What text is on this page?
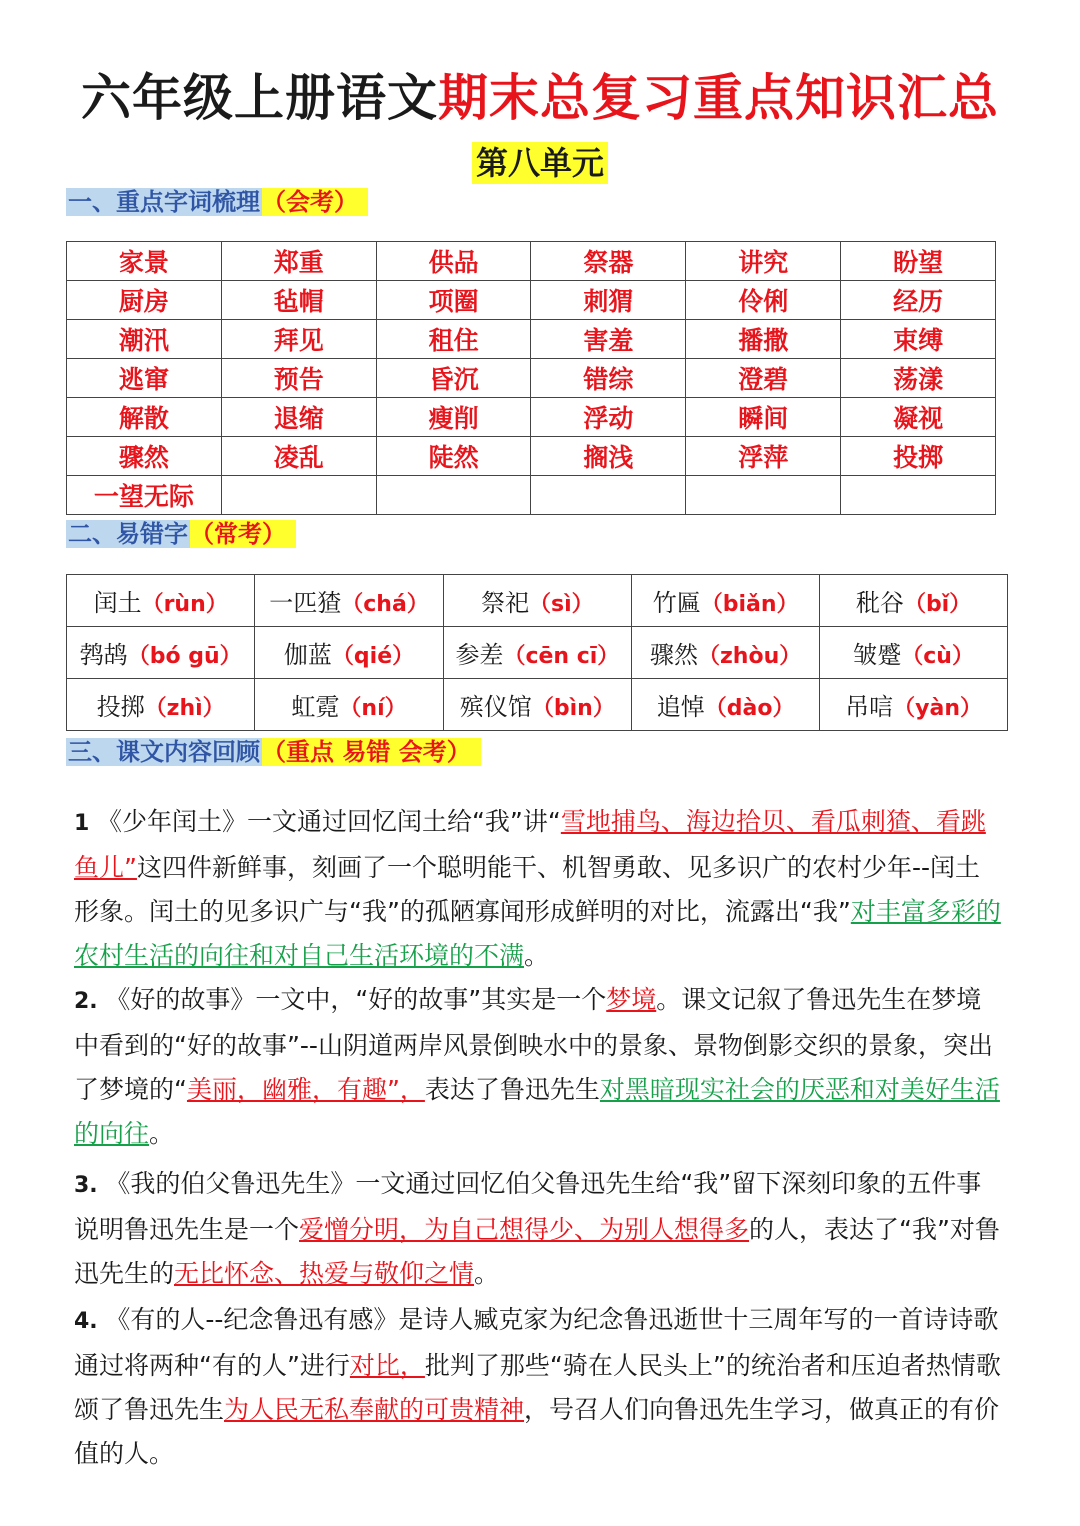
六年级上册语文期末总复习重点知识汇总
第八单元
一、重点字词梳理（会考）
家景	郑重	供品	祭器	讲究	盼望
厨房	毡帽	项圈	刺猬	伶俐	经历
潮汛	拜见	租住	害羞	播撒	束缚
逃窜	预告	昏沉	错综	澄碧	荡漾
解散	退缩	瘦削	浮动	瞬间	凝视
骤然	凌乱	陡然	搁浅	浮萍	投掷
一望无际					
二、易错字（常考）
闰土（rùn）	一匹猹（chá）	祭祀（sì）	竹匾（biǎn）	秕谷（bǐ）
鹁鸪（bó gū）	伽蓝（qié）	参差（cēn cī）	骤然（zhòu）	皱蹙（cù）
投掷（zhì）	虹霓（ní）	殡仪馆（bìn）	追悼（dào）	吊唁（yàn）
三、课文内容回顾（重点 易错 会考）
1 《少年闰土》一文通过回忆闰土给“我”讲“雪地捕鸟、海边拾贝、看瓜刺猹、看跳鱼儿”这四件新鲜事，刻画了一个聪明能干、机智勇敢、见多识广的农村少年--闰土形象。闰土的见多识广与“我”的孤陋寡闻形成鲜明的对比，流露出“我”对丰富多彩的农村生活的向往和对自己生活环境的不满。
2. 《好的故事》一文中，“好的故事”其实是一个梦境。课文记叙了鲁迅先生在梦境中看到的“好的故事”--山阴道两岸风景倒映水中的景象、景物倒影交织的景象，突出了梦境的“美丽，幽雅，有趣”，表达了鲁迅先生对黑暗现实社会的厌恶和对美好生活的向往。
3. 《我的伯父鲁迅先生》一文通过回忆伯父鲁迅先生给“我”留下深刻印象的五件事说明鲁迅先生是一个爱憎分明，为自己想得少、为别人想得多的人，表达了“我”对鲁迅先生的无比怀念、热爱与敬仰之情。
4. 《有的人--纪念鲁迅有感》是诗人臧克家为纪念鲁迅逝世十三周年写的一首诗诗歌通过将两种“有的人”进行对比，批判了那些“骑在人民头上”的统治者和压迫者热情歌颂了鲁迅先生为人民无私奉献的可贵精神，号召人们向鲁迅先生学习，做真正的有价值的人。
